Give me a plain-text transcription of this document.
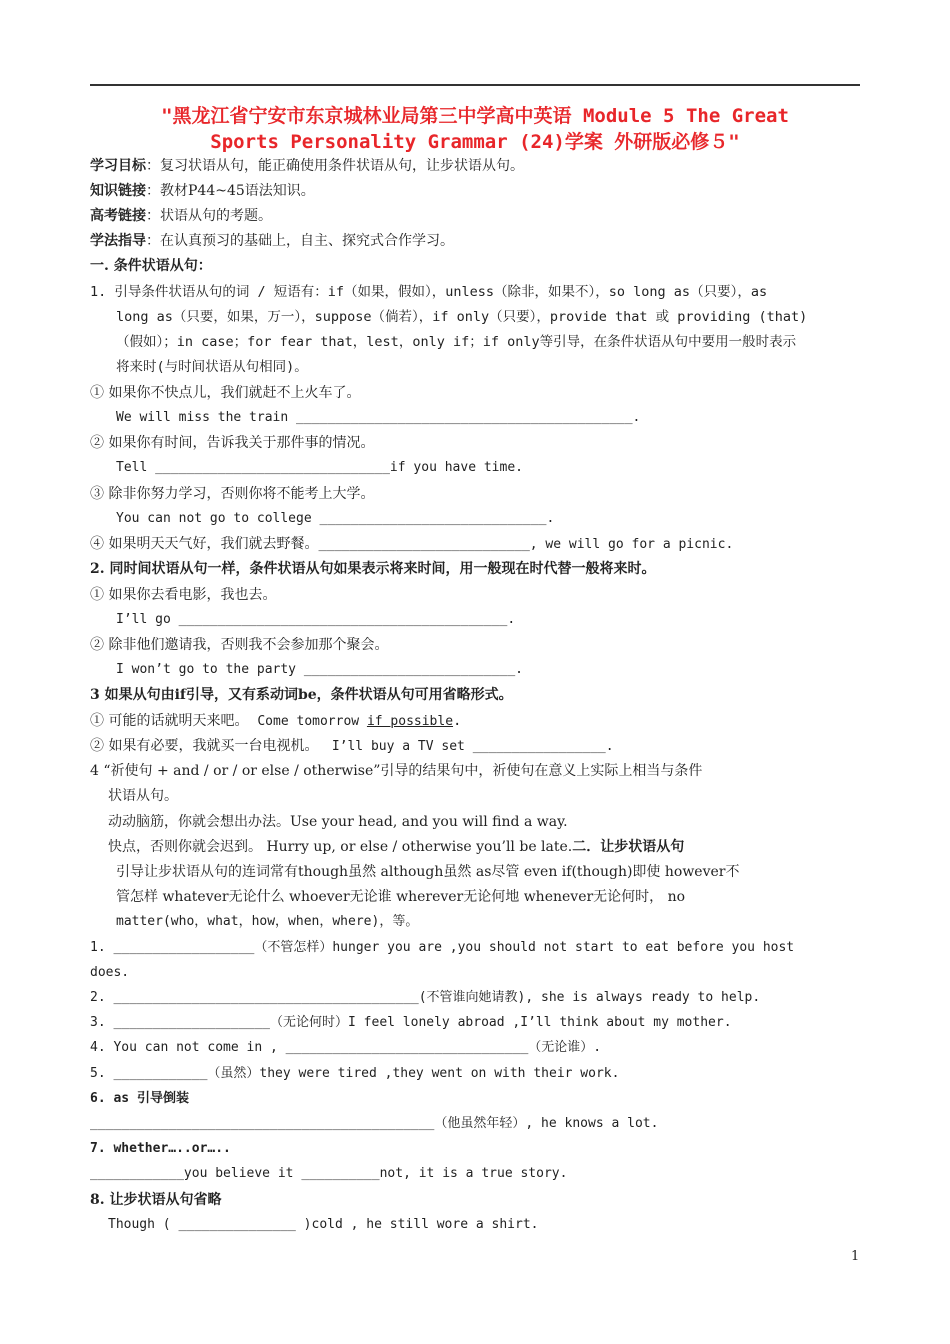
"黑龙江省宁安市东京城林业局第三中学高中英语 Module 5 The Great
Sports Personality Grammar (24)学案 外研版必修５"
学习目标：复习状语从句，能正确使用条件状语从句，让步状语从句。
知识链接：教材P44~45语法知识。
高考链接：状语从句的考题。
学法指导：在认真预习的基础上，自主、探究式合作学习。
一. 条件状语从句：
1. 引导条件状语从句的词 / 短语有：if（如果，假如），unless（除非，如果不），so long as（只要），as
long as（只要，如果，万一），suppose（倘若），if only（只要），provide that 或 providing (that)
（假如）；in case；for fear that，lest，only if；if only等引导，在条件状语从句中要用一般时表示
将来时(与时间状语从句相同)。
① 如果你不快点儿，我们就赶不上火车了。
We will miss the train ___________________________________________.
② 如果你有时间，告诉我关于那件事的情况。
Tell ______________________________if you have time.
③ 除非你努力学习，否则你将不能考上大学。
You can not go to college _____________________________.
④ 如果明天天气好，我们就去野餐。___________________________, we will go for a picnic.
2. 同时间状语从句一样，条件状语从句如果表示将来时间，用一般现在时代替一般将来时。
① 如果你去看电影，我也去。
I’ll go __________________________________________.
② 除非他们邀请我，否则我不会参加那个聚会。
I won’t go to the party ___________________________.
3 如果从句由if引导，又有系动词be，条件状语从句可用省略形式。
① 可能的话就明天来吧。 Come tomorrow if possible.
② 如果有必要，我就买一台电视机。 I’ll buy a TV set _________________.
4 “祈使句 + and / or / or else / otherwise”引导的结果句中，祈使句在意义上实际上相当与条件
状语从句。
动动脑筋，你就会想出办法。Use your head, and you will find a way.
快点，否则你就会迟到。 Hurry up, or else / otherwise you’ll be late.二．让步状语从句
引导让步状语从句的连词常有though虽然 although虽然 as尽管 even if(though)即使 however不
管怎样 whatever无论什么 whoever无论谁 wherever无论何地 whenever无论何时， no
matter(who，what，how，when，where)，等。
1. __________________（不管怎样）hunger you are ,you should not start to eat before you host
does.
2. _______________________________________(不管谁向她请教), she is always ready to help.
3. ____________________（无论何时）I feel lonely abroad ,I’ll think about my mother.
4. You can not come in , _______________________________（无论谁）.
5. ____________（虽然）they were tired ,they went on with their work.
6. as 引导倒装
____________________________________________（他虽然年轻）, he knows a lot.
7. whether…..or…..
____________you believe it __________not, it is a true story.
8. 让步状语从句省略
Though ( _______________ )cold , he still wore a shirt.
1
